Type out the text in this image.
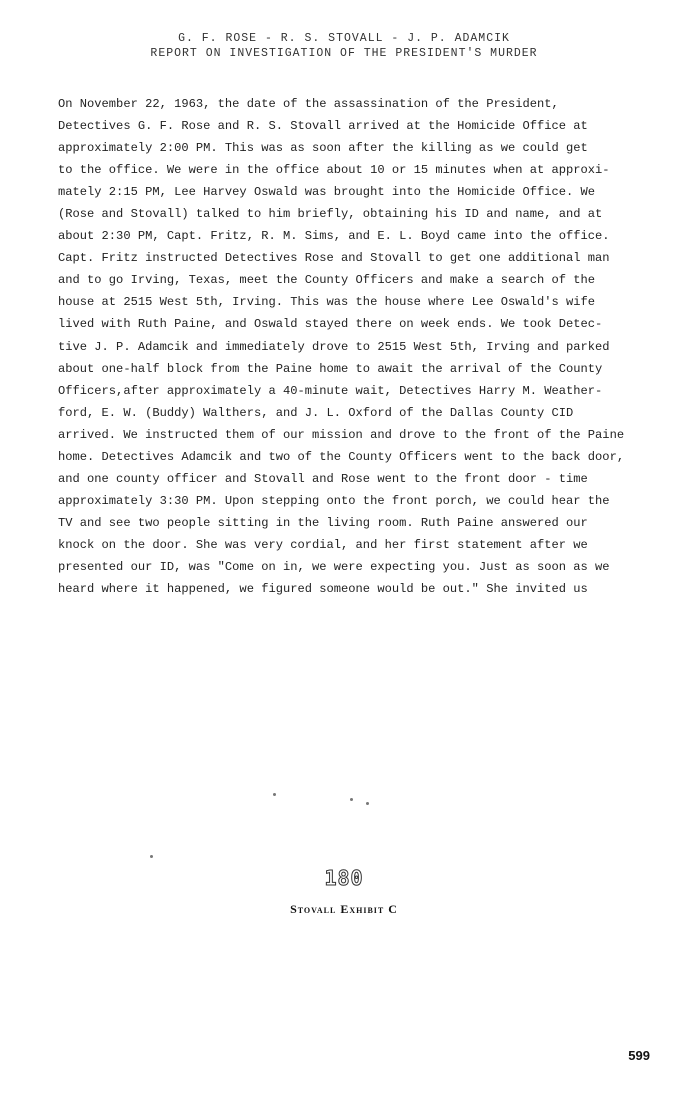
G. F. ROSE - R. S. STOVALL - J. P. ADAMCIK
REPORT ON INVESTIGATION OF THE PRESIDENT'S MURDER
On November 22, 1963, the date of the assassination of the President,
Detectives G. F. Rose and R. S. Stovall arrived at the Homicide Office at
approximately 2:00 PM. This was as soon after the killing as we could get
to the office. We were in the office about 10 or 15 minutes when at approxi-
mately 2:15 PM, Lee Harvey Oswald was brought into the Homicide Office. We
(Rose and Stovall) talked to him briefly, obtaining his ID and name, and at
about 2:30 PM, Capt. Fritz, R. M. Sims, and E. L. Boyd came into the office.
Capt. Fritz instructed Detectives Rose and Stovall to get one additional man
and to go Irving, Texas, meet the County Officers and make a search of the
house at 2515 West 5th, Irving. This was the house where Lee Oswald's wife
lived with Ruth Paine, and Oswald stayed there on week ends. We took Detec-
tive J. P. Adamcik and immediately drove to 2515 West 5th, Irving and parked
about one-half block from the Paine home to await the arrival of the County
Officers,after approximately a 40-minute wait, Detectives Harry M. Weather-
ford, E. W. (Buddy) Walthers, and J. L. Oxford of the Dallas County CID
arrived. We instructed them of our mission and drove to the front of the Paine
home. Detectives Adamcik and two of the County Officers went to the back door,
and one county officer and Stovall and Rose went to the front door - time
approximately 3:30 PM. Upon stepping onto the front porch, we could hear the
TV and see two people sitting in the living room. Ruth Paine answered our
knock on the door. She was very cordial, and her first statement after we
presented our ID, was "Come on in, we were expecting you. Just as soon as we
heard where it happened, we figured someone would be out." She invited us
180
Stovall Exhibit C
599
